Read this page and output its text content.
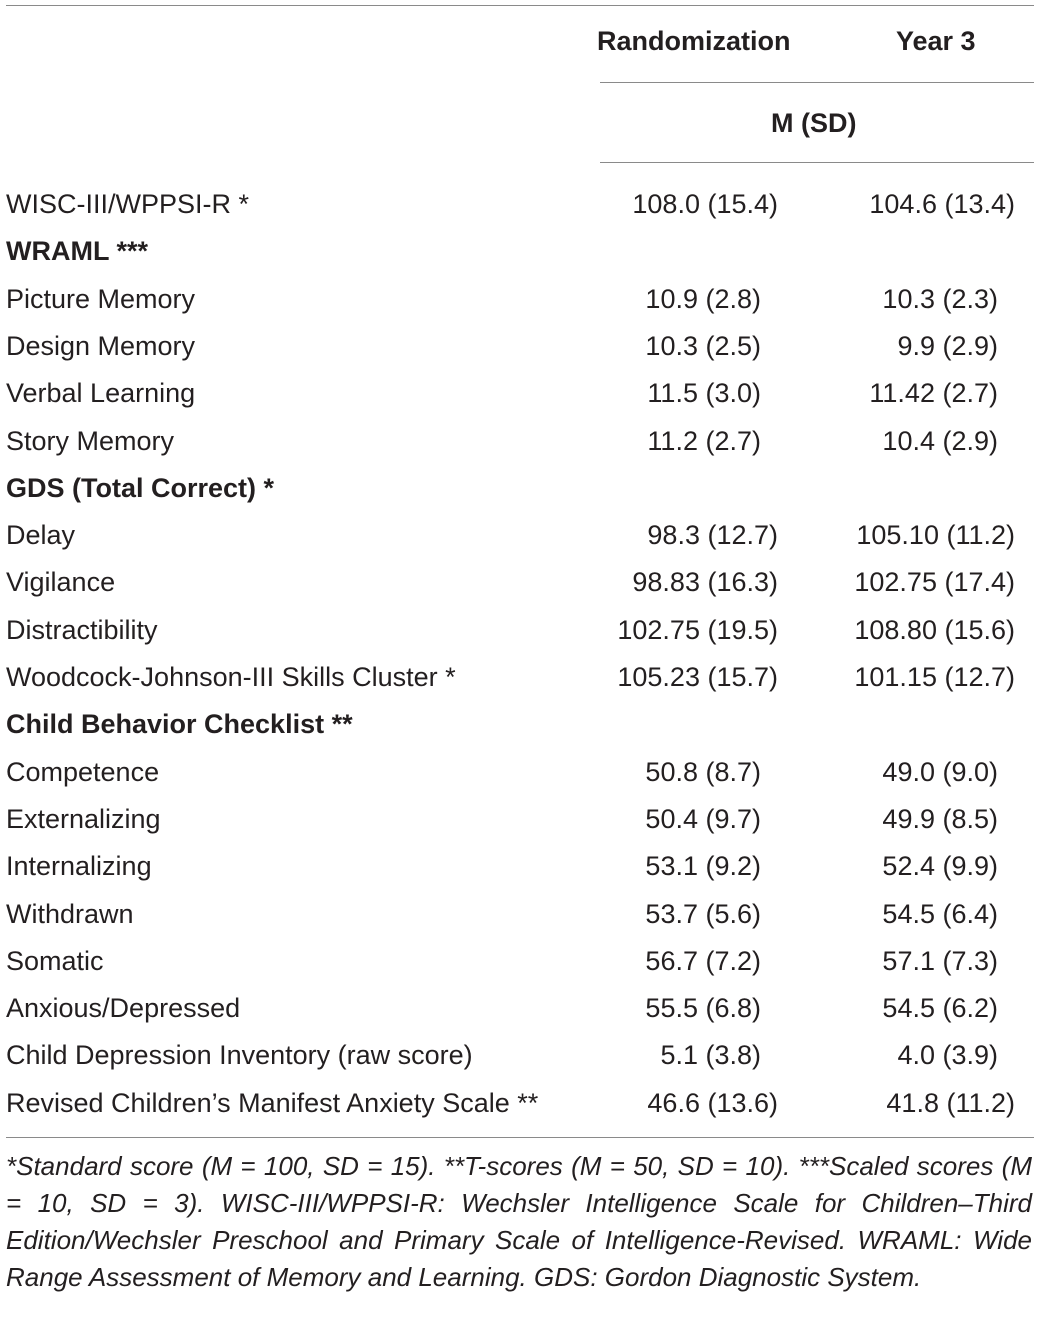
Randomization	Year 3
M (SD)
WISC-III/WPPSI-R *	108.0 (15.4)	104.6 (13.4)
WRAML ***
Picture Memory	10.9 (2.8)	10.3 (2.3)
Design Memory	10.3 (2.5)	9.9 (2.9)
Verbal Learning	11.5 (3.0)	11.42 (2.7)
Story Memory	11.2 (2.7)	10.4 (2.9)
GDS (Total Correct) *
Delay	98.3 (12.7)	105.10 (11.2)
Vigilance	98.83 (16.3)	102.75 (17.4)
Distractibility	102.75 (19.5)	108.80 (15.6)
Woodcock-Johnson-III Skills Cluster *	105.23 (15.7)	101.15 (12.7)
Child Behavior Checklist **
Competence	50.8 (8.7)	49.0 (9.0)
Externalizing	50.4 (9.7)	49.9 (8.5)
Internalizing	53.1 (9.2)	52.4 (9.9)
Withdrawn	53.7 (5.6)	54.5 (6.4)
Somatic	56.7 (7.2)	57.1 (7.3)
Anxious/Depressed	55.5 (6.8)	54.5 (6.2)
Child Depression Inventory (raw score)	5.1 (3.8)	4.0 (3.9)
Revised Children’s Manifest Anxiety Scale **	46.6 (13.6)	41.8 (11.2)
*Standard score (M = 100, SD = 15). **T-scores (M = 50, SD = 10). ***Scaled scores (M = 10, SD = 3). WISC-III/WPPSI-R: Wechsler Intelligence Scale for Children–Third Edition/Wechsler Preschool and Primary Scale of Intelligence-Revised. WRAML: Wide Range Assessment of Memory and Learning. GDS: Gordon Diagnostic System.
